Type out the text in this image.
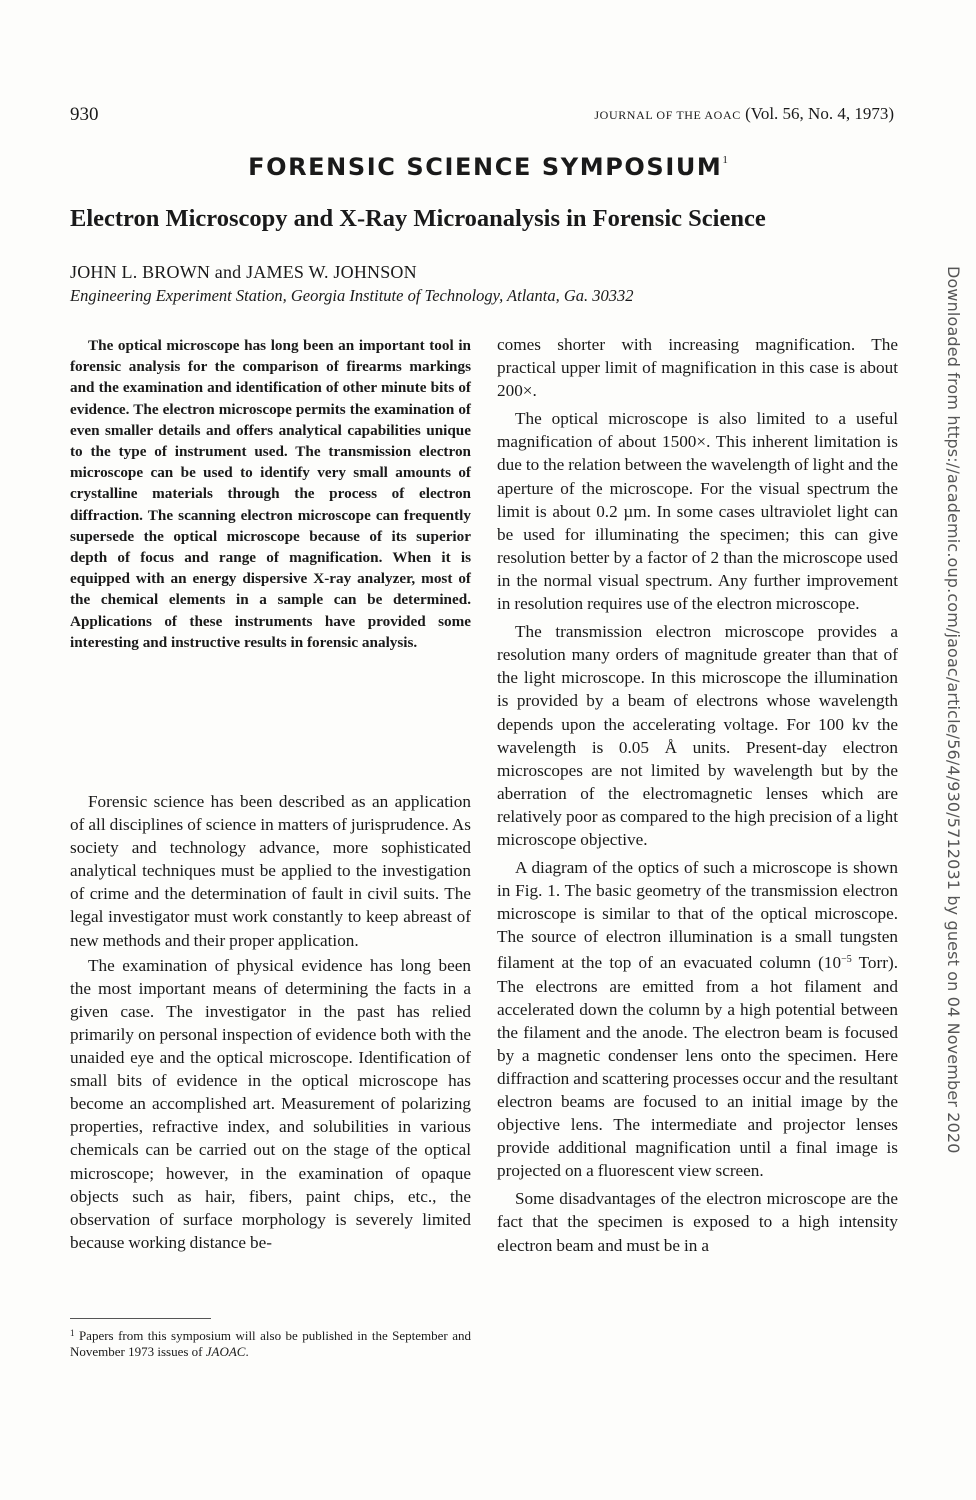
930	JOURNAL OF THE AOAC (Vol. 56, No. 4, 1973)
FORENSIC SCIENCE SYMPOSIUM$^1$
Electron Microscopy and X-Ray Microanalysis in Forensic Science
JOHN L. BROWN and JAMES W. JOHNSON
Engineering Experiment Station, Georgia Institute of Technology, Atlanta, Ga. 30332
The optical microscope has long been an important tool in forensic analysis for the comparison of firearms markings and the examination and identification of other minute bits of evidence. The electron microscope permits the examination of even smaller details and offers analytical capabilities unique to the type of instrument used. The transmission electron microscope can be used to identify very small amounts of crystalline materials through the process of electron diffraction. The scanning electron microscope can frequently supersede the optical microscope because of its superior depth of focus and range of magnification. When it is equipped with an energy dispersive X-ray analyzer, most of the chemical elements in a sample can be determined. Applications of these instruments have provided some interesting and instructive results in forensic analysis.

Forensic science has been described as an application of all disciplines of science in matters of jurisprudence. As society and technology advance, more sophisticated analytical techniques must be applied to the investigation of crime and the determination of fault in civil suits. The legal investigator must work constantly to keep abreast of new methods and their proper application.

The examination of physical evidence has long been the most important means of determining the facts in a given case. The investigator in the past has relied primarily on personal inspection of evidence both with the unaided eye and the optical microscope. Identification of small bits of evidence in the optical microscope has become an accomplished art. Measurement of polarizing properties, refractive index, and solubilities in various chemicals can be carried out on the stage of the optical microscope; however, in the examination of opaque objects such as hair, fibers, paint chips, etc., the observation of surface morphology is severely limited because working distance be-

$^1$ Papers from this symposium will also be published in the September and November 1973 issues of JAOAC.

comes shorter with increasing magnification. The practical upper limit of magnification in this case is about 200×.

The optical microscope is also limited to a useful magnification of about 1500×. This inherent limitation is due to the relation between the wavelength of light and the aperture of the microscope. For the visual spectrum the limit is about 0.2 µm. In some cases ultraviolet light can be used for illuminating the specimen; this can give resolution better by a factor of 2 than the microscope used in the normal visual spectrum. Any further improvement in resolution requires use of the electron microscope.

The transmission electron microscope provides a resolution many orders of magnitude greater than that of the light microscope. In this microscope the illumination is provided by a beam of electrons whose wavelength depends upon the accelerating voltage. For 100 kv the wavelength is 0.05 Å units. Present-day electron microscopes are not limited by wavelength but by the aberration of the electromagnetic lenses which are relatively poor as compared to the high precision of a light microscope objective.

A diagram of the optics of such a microscope is shown in Fig. 1. The basic geometry of the transmission electron microscope is similar to that of the optical microscope. The source of electron illumination is a small tungsten filament at the top of an evacuated column ($10^{-5}$ Torr). The electrons are emitted from a hot filament and accelerated down the column by a high potential between the filament and the anode. The electron beam is focused by a magnetic condenser lens onto the specimen. Here diffraction and scattering processes occur and the resultant electron beams are focused to an initial image by the objective lens. The intermediate and projector lenses provide additional magnification until a final image is projected on a fluorescent view screen.

Some disadvantages of the electron microscope are the fact that the specimen is exposed to a high intensity electron beam and must be in a

Downloaded from https://academic.oup.com/jaoac/article/56/4/930/5712031 by guest on 04 November 2020
